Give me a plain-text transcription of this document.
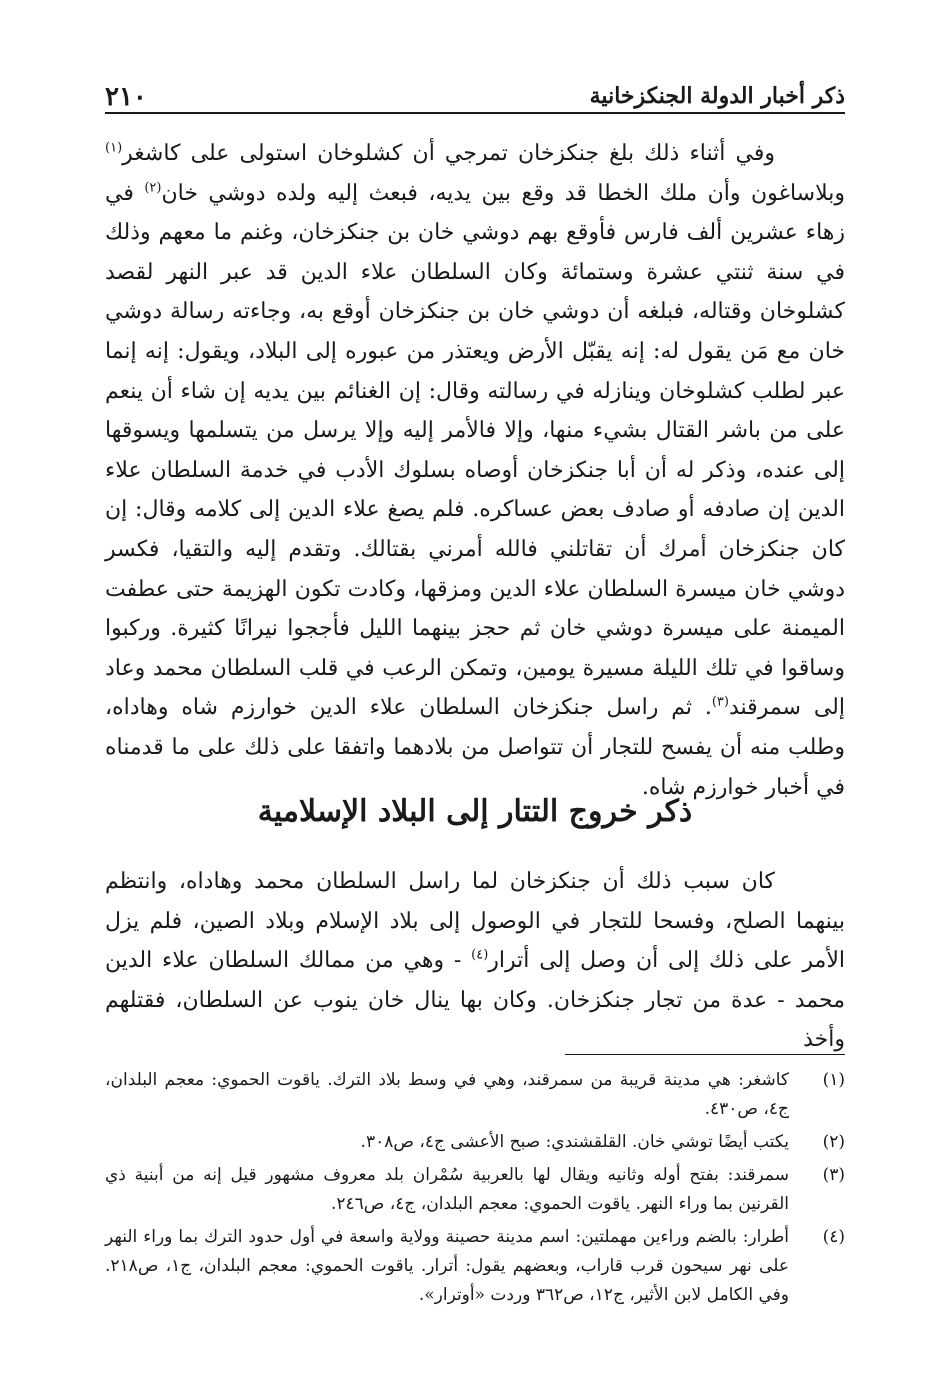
ذكر أخبار الدولة الجنكزخانية
٢١٠

وفي أثناء ذلك بلغ جنكزخان تمرجي أن كشلوخان استولى على كاشغر$^{(١)}$ وبلاساغون وأن ملك الخطا قد وقع بين يديه، فبعث إليه ولده دوشي خان$^{(٢)}$ في زهاء عشرين ألف فارس فأوقع بهم دوشي خان بن جنكزخان، وغنم ما معهم وذلك في سنة ثنتي عشرة وستمائة وكان السلطان علاء الدين قد عبر النهر لقصد كشلوخان وقتاله، فبلغه أن دوشي خان بن جنكزخان أوقع به، وجاءته رسالة دوشي خان مع مَن يقول له: إنه يقبّل الأرض ويعتذر من عبوره إلى البلاد، ويقول: إنه إنما عبر لطلب كشلوخان وينازله في رسالته وقال: إن الغنائم بين يديه إن شاء أن ينعم على من باشر القتال بشيء منها، وإلا فالأمر إليه وإلا يرسل من يتسلمها ويسوقها إلى عنده، وذكر له أن أبا جنكزخان أوصاه بسلوك الأدب في خدمة السلطان علاء الدين إن صادفه أو صادف بعض عساكره. فلم يصغ علاء الدين إلى كلامه وقال: إن كان جنكزخان أمرك أن تقاتلني فالله أمرني بقتالك. وتقدم إليه والتقيا، فكسر دوشي خان ميسرة السلطان علاء الدين ومزقها، وكادت تكون الهزيمة حتى عطفت الميمنة على ميسرة دوشي خان ثم حجز بينهما الليل فأججوا نيرانًا كثيرة. وركبوا وساقوا في تلك الليلة مسيرة يومين، وتمكن الرعب في قلب السلطان محمد وعاد إلى سمرقند$^{(٣)}$. ثم راسل جنكزخان السلطان علاء الدين خوارزم شاه وهاداه، وطلب منه أن يفسح للتجار أن تتواصل من بلادهما واتفقا على ذلك على ما قدمناه في أخبار خوارزم شاه.

ذكر خروج التتار إلى البلاد الإسلامية

كان سبب ذلك أن جنكزخان لما راسل السلطان محمد وهاداه، وانتظم بينهما الصلح، وفسحا للتجار في الوصول إلى بلاد الإسلام وبلاد الصين، فلم يزل الأمر على ذلك إلى أن وصل إلى أترار$^{(٤)}$ - وهي من ممالك السلطان علاء الدين محمد - عدة من تجار جنكزخان. وكان بها ينال خان ينوب عن السلطان، فقتلهم وأخذ

(١)
كاشغر: هي مدينة قريبة من سمرقند، وهي في وسط بلاد الترك. ياقوت الحموي: معجم البلدان، ج٤، ص٤٣٠.
(٢)
يكتب أيضًا توشي خان. القلقشندي: صبح الأعشى ج٤، ص٣٠٨.
(٣)
سمرقند: بفتح أوله وثانيه ويقال لها بالعربية سُمْران بلد معروف مشهور قيل إنه من أبنية ذي القرنين بما وراء النهر. ياقوت الحموي: معجم البلدان، ج٤، ص٢٤٦.
(٤)
أطرار: بالضم وراءين مهملتين: اسم مدينة حصينة وولاية واسعة في أول حدود الترك بما وراء النهر على نهر سيحون قرب قاراب، وبعضهم يقول: أترار. ياقوت الحموي: معجم البلدان، ج١، ص٢١٨. وفي الكامل لابن الأثير، ج١٢، ص٣٦٢ وردت «أوترار».
